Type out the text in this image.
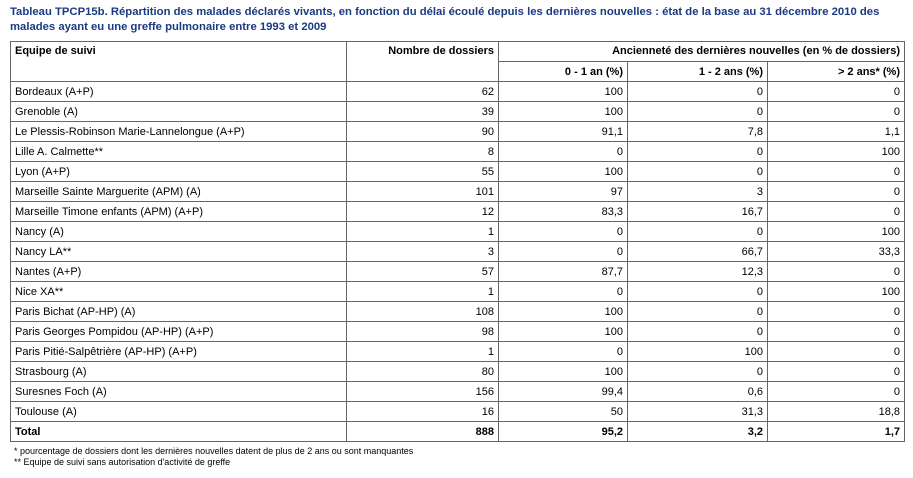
Tableau TPCP15b. Répartition des malades déclarés vivants, en fonction du délai écoulé depuis les dernières nouvelles : état de la base au 31 décembre 2010 des malades ayant eu une greffe pulmonaire entre 1993 et 2009
Equipe de suivi	Nombre de dossiers	Ancienneté des dernières nouvelles (en % de dossiers)		
		0 - 1 an (%)	1 - 2 ans (%)	> 2 ans* (%)
Bordeaux (A+P)	62	100	0	0
Grenoble (A)	39	100	0	0
Le Plessis-Robinson Marie-Lannelongue (A+P)	90	91,1	7,8	1,1
Lille A. Calmette**	8	0	0	100
Lyon (A+P)	55	100	0	0
Marseille Sainte Marguerite (APM) (A)	101	97	3	0
Marseille Timone enfants (APM) (A+P)	12	83,3	16,7	0
Nancy (A)	1	0	0	100
Nancy LA**	3	0	66,7	33,3
Nantes (A+P)	57	87,7	12,3	0
Nice XA**	1	0	0	100
Paris Bichat (AP-HP) (A)	108	100	0	0
Paris Georges Pompidou (AP-HP) (A+P)	98	100	0	0
Paris Pitié-Salpêtrière (AP-HP) (A+P)	1	0	100	0
Strasbourg (A)	80	100	0	0
Suresnes Foch (A)	156	99,4	0,6	0
Toulouse (A)	16	50	31,3	18,8
Total	888	95,2	3,2	1,7
* pourcentage de dossiers dont les dernières nouvelles datent de plus de 2 ans ou sont manquantes
** Equipe de suivi sans autorisation d'activité de greffe
